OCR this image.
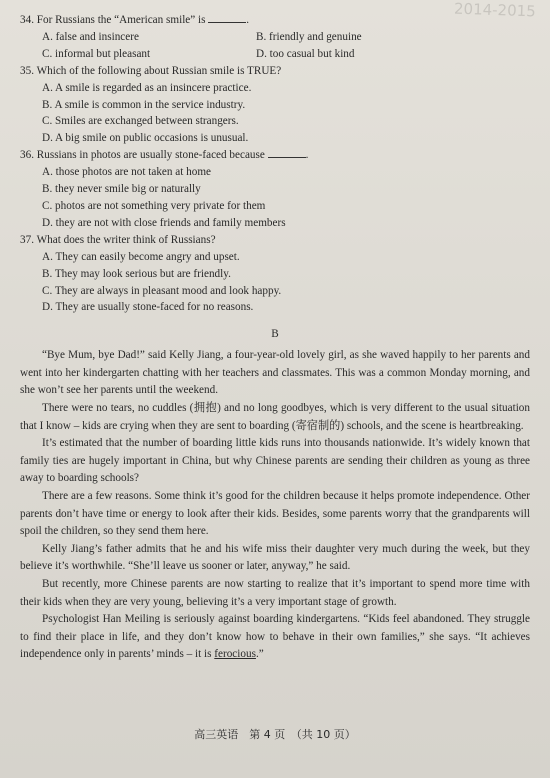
2014-2015
34. For Russians the “American smile” is	.
A. false and insincere	B. friendly and genuine
C. informal but pleasant	D. too casual but kind
35. Which of the following about Russian smile is TRUE?
A. A smile is regarded as an insincere practice.
B. A smile is common in the service industry.
C. Smiles are exchanged between strangers.
D. A big smile on public occasions is unusual.
36. Russians in photos are usually stone-faced because	.
A. those photos are not taken at home
B. they never smile big or naturally
C. photos are not something very private for them
D. they are not with close friends and family members
37. What does the writer think of Russians?
A. They can easily become angry and upset.
B. They may look serious but are friendly.
C. They are always in pleasant mood and look happy.
D. They are usually stone-faced for no reasons.
B

“Bye Mum, bye Dad!” said Kelly Jiang, a four-year-old lovely girl, as she waved happily to her parents and went into her kindergarten chatting with her teachers and classmates. This was a common Monday morning, and she won’t see her parents until the weekend.

There were no tears, no cuddles (拥抱) and no long goodbyes, which is very different to the usual situation that I know – kids are crying when they are sent to boarding (寄宿制的) schools, and the scene is heartbreaking.

It’s estimated that the number of boarding little kids runs into thousands nationwide. It’s widely known that family ties are hugely important in China, but why Chinese parents are sending their children as young as three away to boarding schools?

There are a few reasons. Some think it’s good for the children because it helps promote independence. Other parents don’t have time or energy to look after their kids. Besides, some parents worry that the grandparents will spoil the children, so they send them here.

Kelly Jiang’s father admits that he and his wife miss their daughter very much during the week, but they believe it’s worthwhile. “She’ll leave us sooner or later, anyway,” he said.

But recently, more Chinese parents are now starting to realize that it’s important to spend more time with their kids when they are very young, believing it’s a very important stage of growth.

Psychologist Han Meiling is seriously against boarding kindergartens. “Kids feel abandoned. They struggle to find their place in life, and they don’t know how to behave in their own families,” she says. “It achieves independence only in parents’ minds – it is ferocious.”

高三英语　第 4 页　（共 10 页）
